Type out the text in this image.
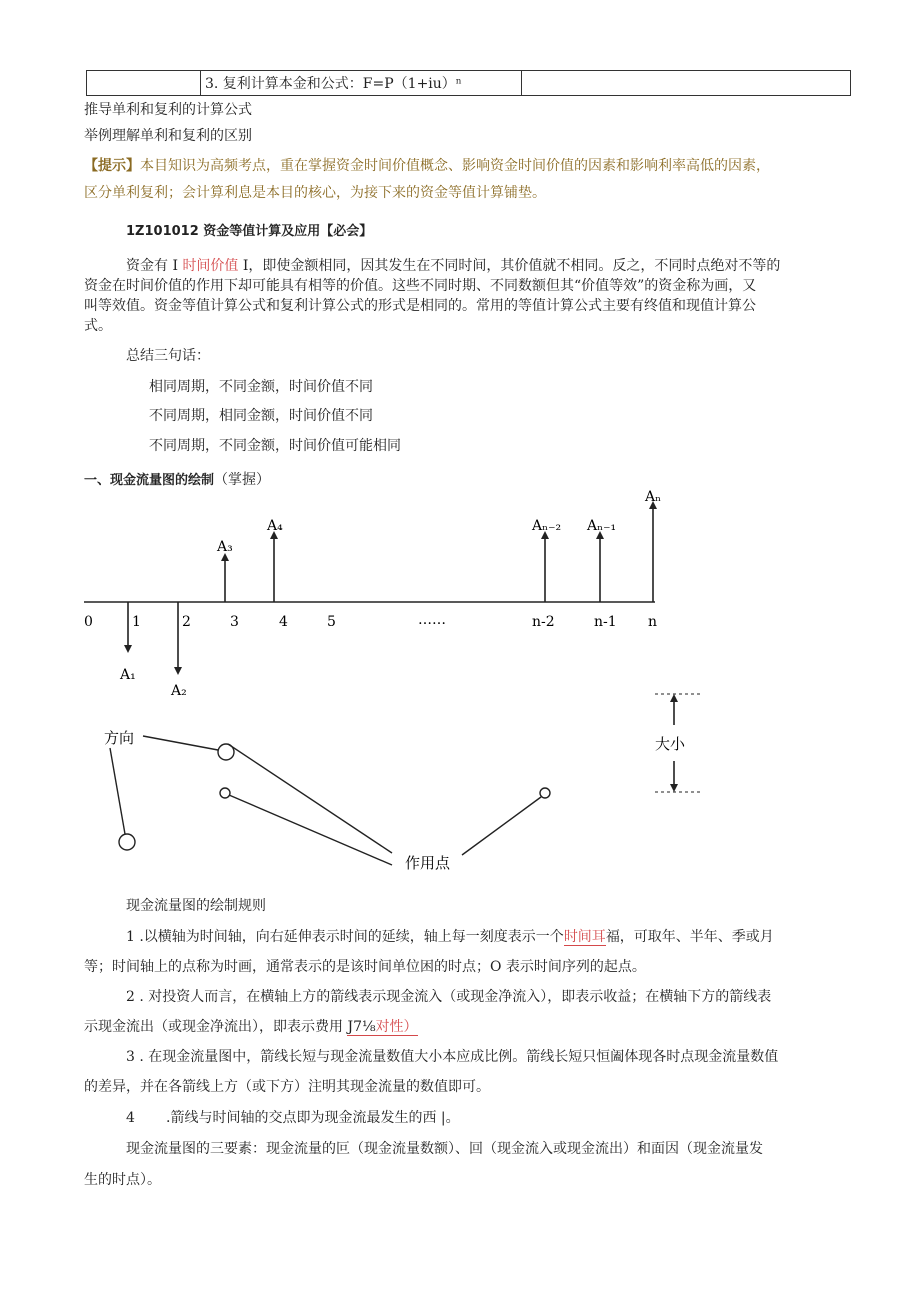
	3. 复利计算本金和公式：F=P（1+iu）ⁿ	
推导单利和复利的计算公式
举例理解单利和复利的区别
【提示】本目知识为高频考点，重在掌握资金时间价值概念、影响资金时间价值的因素和影响利率高低的因素，
区分单利复利；会计算利息是本目的核心，为接下来的资金等值计算铺垫。
1Z101012 资金等值计算及应用【必会】
资金有 I 时间价值 I，即使金额相同，因其发生在不同时间，其价值就不相同。反之，不同时点绝对不等的
资金在时间价值的作用下却可能具有相等的价值。这些不同时期、不同数额但其“价值等效”的资金称为画，又
叫等效值。资金等值计算公式和复利计算公式的形式是相同的。常用的等值计算公式主要有终值和现值计算公
式。
总结三句话：
相同周期，不同金额，时间价值不同
不同周期，相同金额，时间价值不同
不同周期，不同金额，时间价值可能相同
一、现金流量图的绘制（掌握）
0	1	2	3	4	5	……	n-2	n-1 n
A₁
A₂
A₃
A₄	Aₙ₋₂ Aₙ₋₁
Aₙ
方向	大小
作用点
现金流量图的绘制规则
1 .以横轴为时间轴，向右延伸表示时间的延续，轴上每一刻度表示一个时间耳福，可取年、半年、季或月
等；时间轴上的点称为时画，通常表示的是该时间单位困的时点；O 表示时间序列的起点。
2 . 对投资人而言，在横轴上方的箭线表示现金流入（或现金净流入），即表示收益；在横轴下方的箭线表
示现金流出（或现金净流出），即表示费用 J7⅛对性）
3 . 在现金流量图中，箭线长短与现金流量数值大小本应成比例。箭线长短只恒阖体现各时点现金流量数值
的差异，并在各箭线上方（或下方）注明其现金流量的数值即可。
4 .箭线与时间轴的交点即为现金流最发生的西 |。
现金流量图的三要素：现金流量的叵（现金流量数额）、回（现金流入或现金流出）和面因（现金流量发
生的时点）。
